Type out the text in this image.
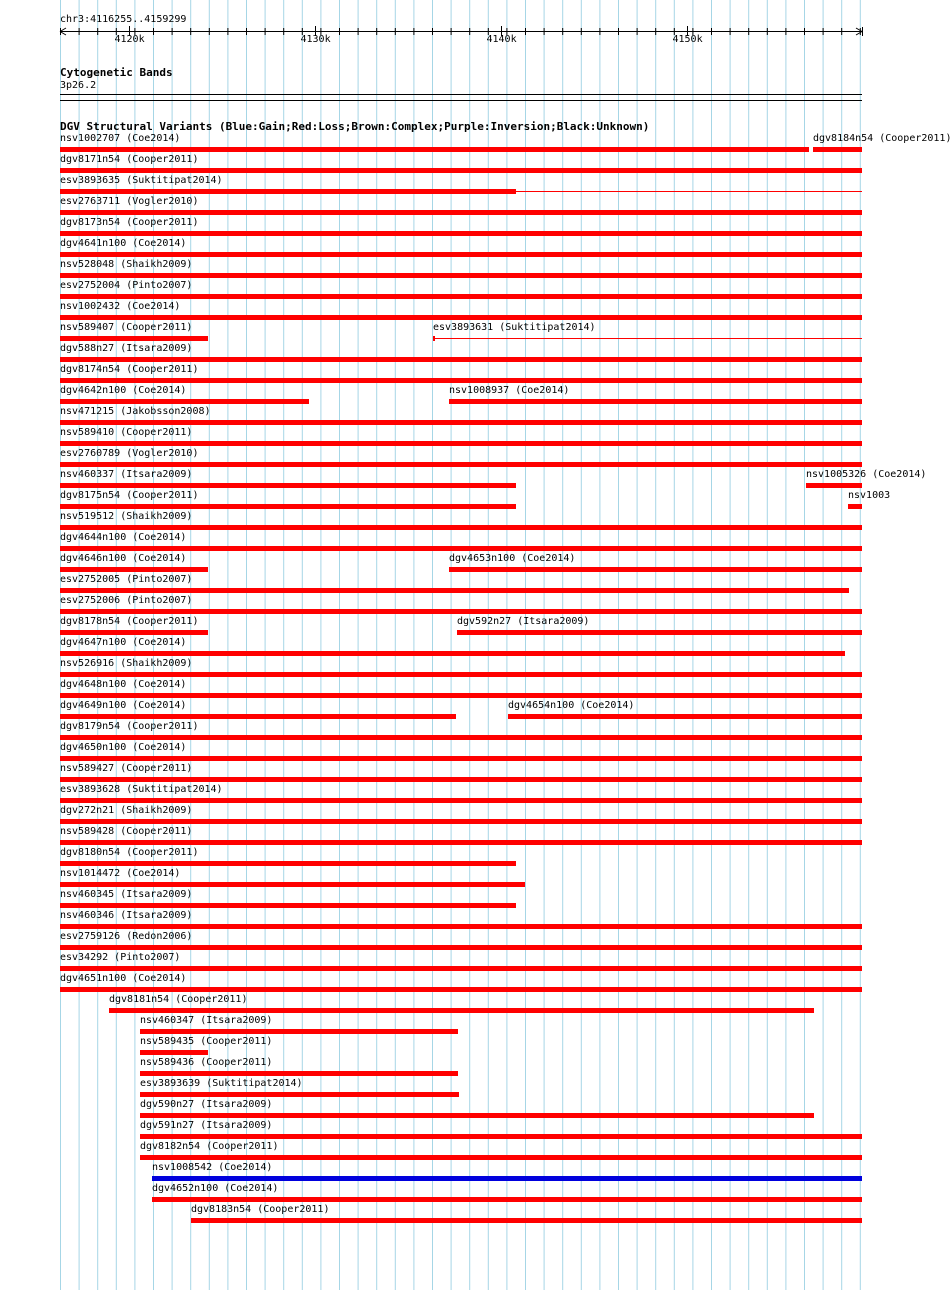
chr3:4116255..4159299
4120k	4130k	4140k	4150k
Cytogenetic Bands
3p26.2
DGV Structural Variants (Blue:Gain;Red:Loss;Brown:Complex;Purple:Inversion;Black:Unknown)
nsv1002707 (Coe2014)	dgv8184n54 (Cooper2011)
dgv8171n54 (Cooper2011)
esv3893635 (Suktitipat2014)
esv2763711 (Vogler2010)
dgv8173n54 (Cooper2011)
dgv4641n100 (Coe2014)
nsv528048 (Shaikh2009)
esv2752004 (Pinto2007)
nsv1002432 (Coe2014)
nsv589407 (Cooper2011)	esv3893631 (Suktitipat2014)
dgv588n27 (Itsara2009)
dgv8174n54 (Cooper2011)
dgv4642n100 (Coe2014)	nsv1008937 (Coe2014)
nsv471215 (Jakobsson2008)
nsv589410 (Cooper2011)
esv2760789 (Vogler2010)
nsv460337 (Itsara2009)	nsv1005326 (Coe2014)
dgv8175n54 (Cooper2011)	nsv1003
nsv519512 (Shaikh2009)
dgv4644n100 (Coe2014)
dgv4646n100 (Coe2014)	dgv4653n100 (Coe2014)
esv2752005 (Pinto2007)
esv2752006 (Pinto2007)
dgv8178n54 (Cooper2011)	dgv592n27 (Itsara2009)
dgv4647n100 (Coe2014)
nsv526916 (Shaikh2009)
dgv4648n100 (Coe2014)
dgv4649n100 (Coe2014)	dgv4654n100 (Coe2014)
dgv8179n54 (Cooper2011)
dgv4650n100 (Coe2014)
nsv589427 (Cooper2011)
esv3893628 (Suktitipat2014)
dgv272n21 (Shaikh2009)
nsv589428 (Cooper2011)
dgv8180n54 (Cooper2011)
nsv1014472 (Coe2014)
nsv460345 (Itsara2009)
nsv460346 (Itsara2009)
esv2759126 (Redon2006)
esv34292 (Pinto2007)
dgv4651n100 (Coe2014)
dgv8181n54 (Cooper2011)
nsv460347 (Itsara2009)
nsv589435 (Cooper2011)
nsv589436 (Cooper2011)
esv3893639 (Suktitipat2014)
dgv590n27 (Itsara2009)
dgv591n27 (Itsara2009)
dgv8182n54 (Cooper2011)
nsv1008542 (Coe2014)
dgv4652n100 (Coe2014)
dgv8183n54 (Cooper2011)
